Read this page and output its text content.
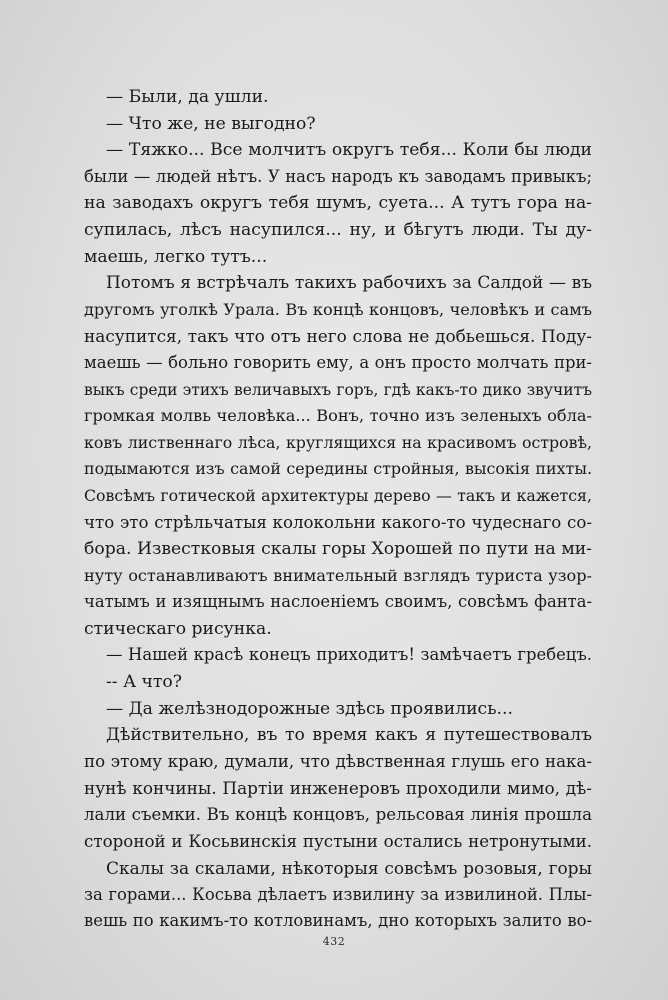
— Были, да ушли.
— Что же, не выгодно?
— Тяжко... Все молчитъ округъ тебя... Коли бы люди
были — людей нѣтъ. У насъ народъ къ заводамъ привыкъ;
на заводахъ округъ тебя шумъ, суета... А тутъ гора на-
супилась, лѣсъ насупился... ну, и бѣгутъ люди. Ты ду-
маешь, легко тутъ...
Потомъ я встрѣчалъ такихъ рабочихъ за Салдой — въ
другомъ уголкѣ Урала. Въ концѣ концовъ, человѣкъ и самъ
насупится, такъ что отъ него слова не добьешься. Поду-
маешь — больно говорить ему, а онъ просто молчать при-
выкъ среди этихъ величавыхъ горъ, гдѣ какъ-то дико звучитъ
громкая молвь человѣка... Вонъ, точно изъ зеленыхъ обла-
ковъ лиственнаго лѣса, круглящихся на красивомъ островѣ,
подымаются изъ самой середины стройныя, высокія пихты.
Совсѣмъ готической архитектуры дерево — такъ и кажется,
что это стрѣльчатыя колокольни какого-то чудеснаго со-
бора. Известковыя скалы горы Хорошей по пути на ми-
нуту останавливаютъ внимательный взглядъ туриста узор-
чатымъ и изящнымъ наслоеніемъ своимъ, совсѣмъ фанта-
стическаго рисунка.
— Нашей красѣ конецъ приходитъ! замѣчаетъ гребецъ.
-- А что?
— Да желѣзнодорожные здѣсь проявились...
Дѣйствительно, въ то время какъ я путешествовалъ
по этому краю, думали, что дѣвственная глушь его нака-
нунѣ кончины. Партіи инженеровъ проходили мимо, дѣ-
лали съемки. Въ концѣ концовъ, рельсовая линія прошла
стороной и Косьвинскія пустыни остались нетронутыми.
Скалы за скалами, нѣкоторыя совсѣмъ розовыя, горы
за горами... Косьва дѣлаетъ извилину за извилиной. Плы-
вешь по какимъ-то котловинамъ, дно которыхъ залито во-
432
